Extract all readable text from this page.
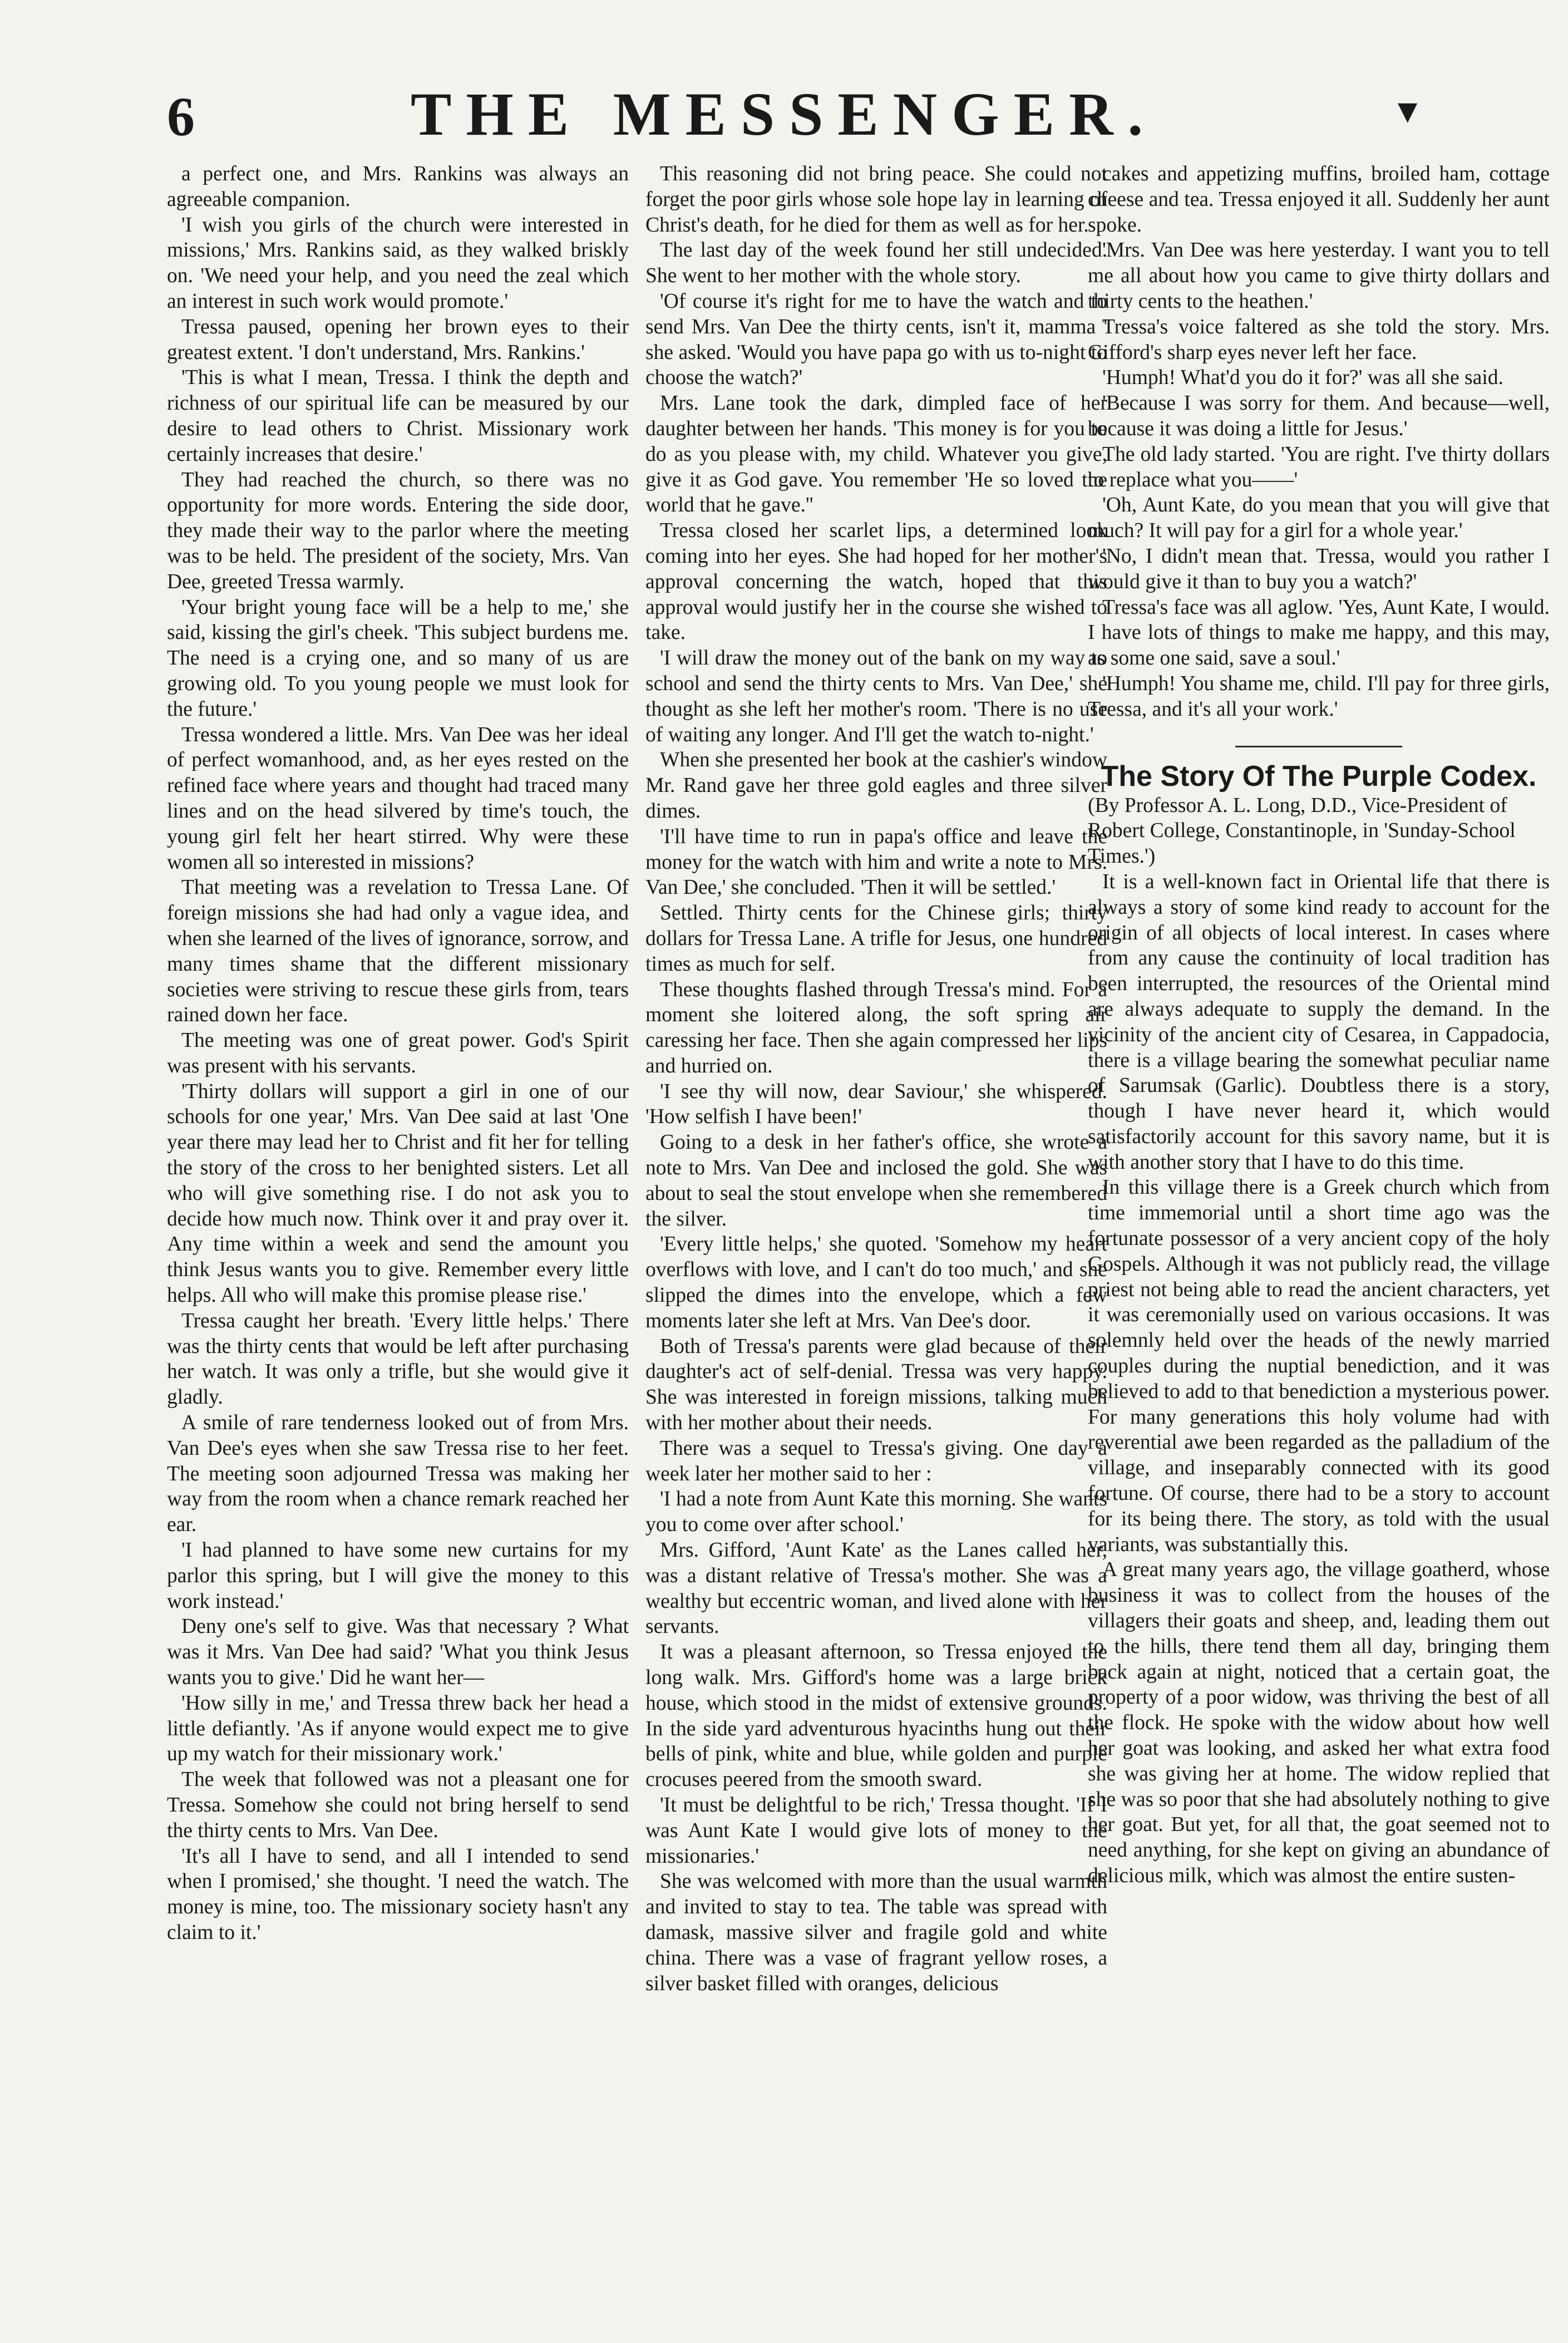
THE MESSENGER.
6	▼

a perfect one, and Mrs. Rankins was always an agreeable companion.

'I wish you girls of the church were interested in missions,' Mrs. Rankins said, as they walked briskly on. 'We need your help, and you need the zeal which an interest in such work would promote.'

Tressa paused, opening her brown eyes to their greatest extent. 'I don't understand, Mrs. Rankins.'

'This is what I mean, Tressa. I think the depth and richness of our spiritual life can be measured by our desire to lead others to Christ. Missionary work certainly increases that desire.'

They had reached the church, so there was no opportunity for more words. Entering the side door, they made their way to the parlor where the meeting was to be held. The president of the society, Mrs. Van Dee, greeted Tressa warmly.

'Your bright young face will be a help to me,' she said, kissing the girl's cheek. 'This subject burdens me. The need is a crying one, and so many of us are growing old. To you young people we must look for the future.'

Tressa wondered a little. Mrs. Van Dee was her ideal of perfect womanhood, and, as her eyes rested on the refined face where years and thought had traced many lines and on the head silvered by time's touch, the young girl felt her heart stirred. Why were these women all so interested in missions?

That meeting was a revelation to Tressa Lane. Of foreign missions she had had only a vague idea, and when she learned of the lives of ignorance, sorrow, and many times shame that the different missionary societies were striving to rescue these girls from, tears rained down her face.

The meeting was one of great power. God's Spirit was present with his servants.

'Thirty dollars will support a girl in one of our schools for one year,' Mrs. Van Dee said at last 'One year there may lead her to Christ and fit her for telling the story of the cross to her benighted sisters. Let all who will give something rise. I do not ask you to decide how much now. Think over it and pray over it. Any time within a week and send the amount you think Jesus wants you to give. Remember every little helps. All who will make this promise please rise.'

Tressa caught her breath. 'Every little helps.' There was the thirty cents that would be left after purchasing her watch. It was only a trifle, but she would give it gladly.

A smile of rare tenderness looked out of from Mrs. Van Dee's eyes when she saw Tressa rise to her feet. The meeting soon adjourned Tressa was making her way from the room when a chance remark reached her ear.

'I had planned to have some new curtains for my parlor this spring, but I will give the money to this work instead.'

Deny one's self to give. Was that necessary ? What was it Mrs. Van Dee had said? 'What you think Jesus wants you to give.' Did he want her—

'How silly in me,' and Tressa threw back her head a little defiantly. 'As if anyone would expect me to give up my watch for their missionary work.'

The week that followed was not a pleasant one for Tressa. Somehow she could not bring herself to send the thirty cents to Mrs. Van Dee.

'It's all I have to send, and all I intended to send when I promised,' she thought. 'I need the watch. The money is mine, too. The missionary society hasn't any claim to it.'

This reasoning did not bring peace. She could not forget the poor girls whose sole hope lay in learning of Christ's death, for he died for them as well as for her.

The last day of the week found her still undecided. She went to her mother with the whole story.

'Of course it's right for me to have the watch and to send Mrs. Van Dee the thirty cents, isn't it, mamma ' she asked. 'Would you have papa go with us to-night to choose the watch?'

Mrs. Lane took the dark, dimpled face of her daughter between her hands. 'This money is for you to do as you please with, my child. Whatever you give, give it as God gave. You remember 'He so loved the world that he gave.''

Tressa closed her scarlet lips, a determined look coming into her eyes. She had hoped for her mother's approval concerning the watch, hoped that this approval would justify her in the course she wished to take.

'I will draw the money out of the bank on my way to school and send the thirty cents to Mrs. Van Dee,' she thought as she left her mother's room. 'There is no use of waiting any longer. And I'll get the watch to-night.'

When she presented her book at the cashier's window Mr. Rand gave her three gold eagles and three silver dimes.

'I'll have time to run in papa's office and leave the money for the watch with him and write a note to Mrs. Van Dee,' she concluded. 'Then it will be settled.'

Settled. Thirty cents for the Chinese girls; thirty dollars for Tressa Lane. A trifle for Jesus, one hundred times as much for self.

These thoughts flashed through Tressa's mind. For a moment she loitered along, the soft spring air caressing her face. Then she again compressed her lips and hurried on.

'I see thy will now, dear Saviour,' she whispered. 'How selfish I have been!'

Going to a desk in her father's office, she wrote a note to Mrs. Van Dee and inclosed the gold. She was about to seal the stout envelope when she remembered the silver.

'Every little helps,' she quoted. 'Somehow my heart overflows with love, and I can't do too much,' and she slipped the dimes into the envelope, which a few moments later she left at Mrs. Van Dee's door.

Both of Tressa's parents were glad because of their daughter's act of self-denial. Tressa was very happy. She was interested in foreign missions, talking much with her mother about their needs.

There was a sequel to Tressa's giving. One day a week later her mother said to her :

'I had a note from Aunt Kate this morning. She wants you to come over after school.'

Mrs. Gifford, 'Aunt Kate' as the Lanes called her, was a distant relative of Tressa's mother. She was a wealthy but eccentric woman, and lived alone with her servants.

It was a pleasant afternoon, so Tressa enjoyed the long walk. Mrs. Gifford's home was a large brick house, which stood in the midst of extensive grounds. In the side yard adventurous hyacinths hung out their bells of pink, white and blue, while golden and purple crocuses peered from the smooth sward.

'It must be delightful to be rich,' Tressa thought. 'If I was Aunt Kate I would give lots of money to the missionaries.'

She was welcomed with more than the usual warmth and invited to stay to tea. The table was spread with damask, massive silver and fragile gold and white china. There was a vase of fragrant yellow roses, a silver basket filled with oranges, delicious

cakes and appetizing muffins, broiled ham, cottage cheese and tea. Tressa enjoyed it all. Suddenly her aunt spoke.

'Mrs. Van Dee was here yesterday. I want you to tell me all about how you came to give thirty dollars and thirty cents to the heathen.'

Tressa's voice faltered as she told the story. Mrs. Gifford's sharp eyes never left her face.

'Humph! What'd you do it for?' was all she said.

'Because I was sorry for them. And because—well, because it was doing a little for Jesus.'

The old lady started. 'You are right. I've thirty dollars to replace what you——'

'Oh, Aunt Kate, do you mean that you will give that much? It will pay for a girl for a whole year.'

'No, I didn't mean that. Tressa, would you rather I would give it than to buy you a watch?'

Tressa's face was all aglow. 'Yes, Aunt Kate, I would. I have lots of things to make me happy, and this may, as some one said, save a soul.'

'Humph! You shame me, child. I'll pay for three girls, Tressa, and it's all your work.'

The Story Of The Purple Codex.

(By Professor A. L. Long, D.D., Vice-President of Robert College, Constantinople, in 'Sunday-School Times.')

It is a well-known fact in Oriental life that there is always a story of some kind ready to account for the origin of all objects of local interest. In cases where from any cause the continuity of local tradition has been interrupted, the resources of the Oriental mind are always adequate to supply the demand. In the vicinity of the ancient city of Cesarea, in Cappadocia, there is a village bearing the somewhat peculiar name of Sarumsak (Garlic). Doubtless there is a story, though I have never heard it, which would satisfactorily account for this savory name, but it is with another story that I have to do this time.

In this village there is a Greek church which from time immemorial until a short time ago was the fortunate possessor of a very ancient copy of the holy Gospels. Although it was not publicly read, the village priest not being able to read the ancient characters, yet it was ceremonially used on various occasions. It was solemnly held over the heads of the newly married couples during the nuptial benediction, and it was believed to add to that benediction a mysterious power. For many generations this holy volume had with reverential awe been regarded as the palladium of the village, and inseparably connected with its good fortune. Of course, there had to be a story to account for its being there. The story, as told with the usual variants, was substantially this.

A great many years ago, the village goatherd, whose business it was to collect from the houses of the villagers their goats and sheep, and, leading them out to the hills, there tend them all day, bringing them back again at night, noticed that a certain goat, the property of a poor widow, was thriving the best of all the flock. He spoke with the widow about how well her goat was looking, and asked her what extra food she was giving her at home. The widow replied that she was so poor that she had absolutely nothing to give her goat. But yet, for all that, the goat seemed not to need anything, for she kept on giving an abundance of delicious milk, which was almost the entire susten-
